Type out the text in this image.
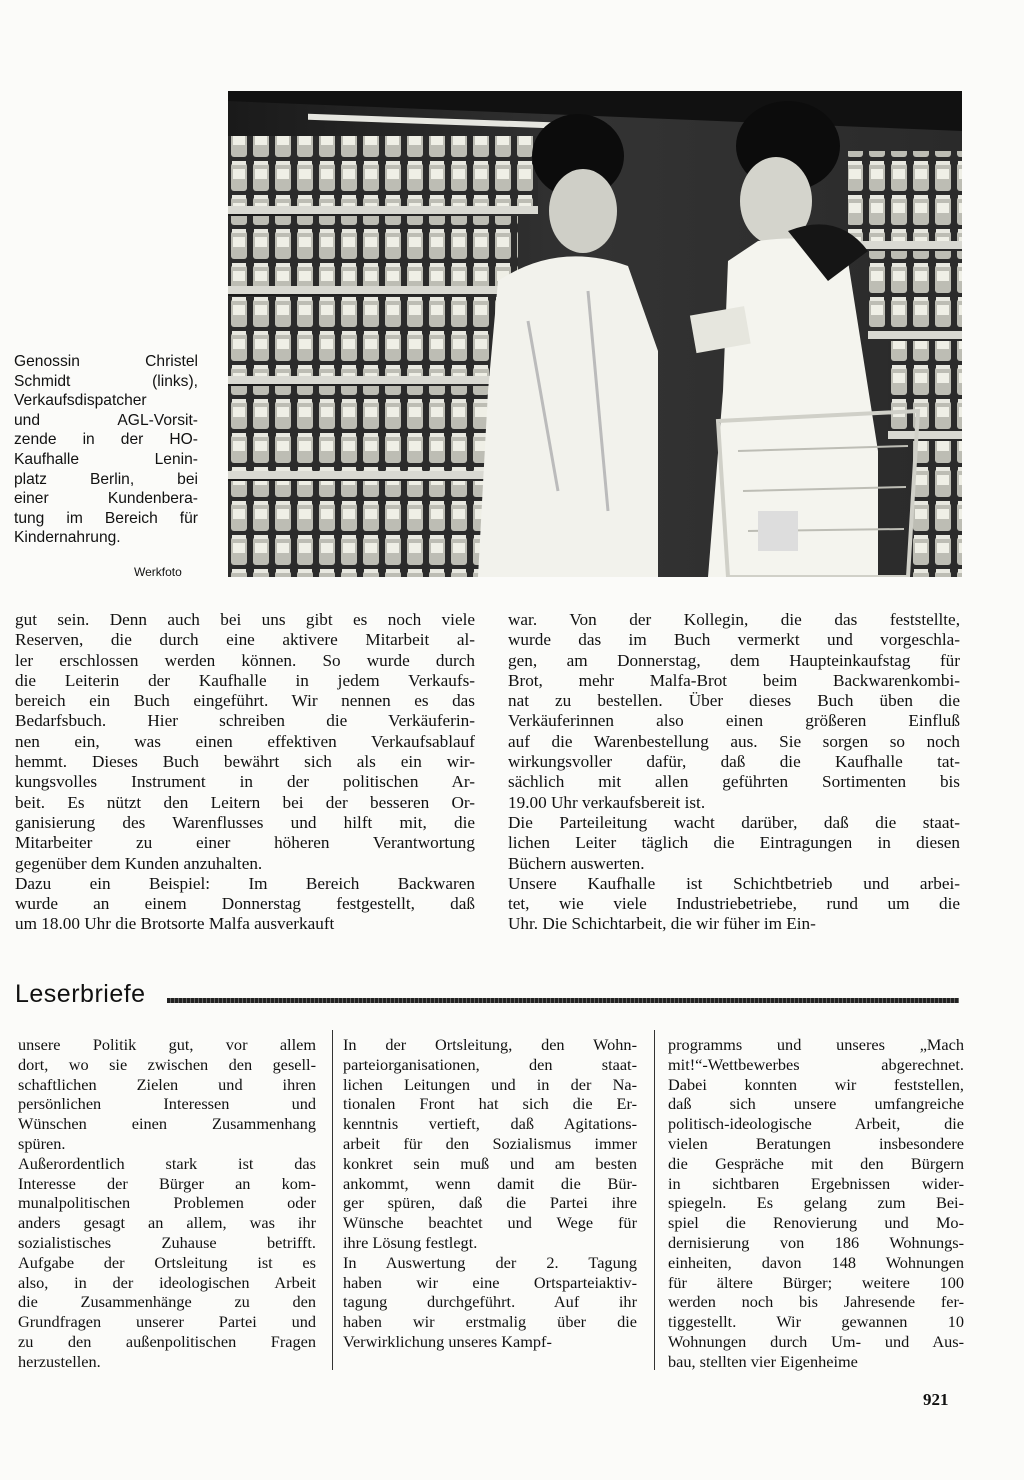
Genossin Christel
Schmidt (links),
Verkaufsdispatcher
und AGL-Vorsit-
zende in der HO-
Kaufhalle Lenin-
platz Berlin, bei
einer Kundenbera-
tung im Bereich für
Kindernahrung.
Werkfoto
gut sein. Denn auch bei uns gibt es noch viele
Reserven, die durch eine aktivere Mitarbeit al-
ler erschlossen werden können. So wurde durch
die Leiterin der Kaufhalle in jedem Verkaufs-
bereich ein Buch eingeführt. Wir nennen es das
Bedarfsbuch. Hier schreiben die Verkäuferin-
nen ein, was einen effektiven Verkaufsablauf
hemmt. Dieses Buch bewährt sich als ein wir-
kungsvolles Instrument in der politischen Ar-
beit. Es nützt den Leitern bei der besseren Or-
ganisierung des Warenflusses und hilft mit, die
Mitarbeiter zu einer höheren Verantwortung
gegenüber dem Kunden anzuhalten.
Dazu ein Beispiel: Im Bereich Backwaren
wurde an einem Donnerstag festgestellt, daß
um 18.00 Uhr die Brotsorte Malfa ausverkauft
war. Von der Kollegin, die das feststellte,
wurde das im Buch vermerkt und vorgeschla-
gen, am Donnerstag, dem Haupteinkaufstag für
Brot, mehr Malfa-Brot beim Backwarenkombi-
nat zu bestellen. Über dieses Buch üben die
Verkäuferinnen also einen größeren Einfluß
auf die Warenbestellung aus. Sie sorgen so noch
wirkungsvoller dafür, daß die Kaufhalle tat-
sächlich mit allen geführten Sortimenten bis
19.00 Uhr verkaufsbereit ist.
Die Parteileitung wacht darüber, daß die staat-
lichen Leiter täglich die Eintragungen in diesen
Büchern auswerten.
Unsere Kaufhalle ist Schichtbetrieb und arbei-
tet, wie viele Industriebetriebe, rund um die
Uhr. Die Schichtarbeit, die wir füher im Ein-
Leserbriefe
unsere Politik gut, vor allem
dort, wo sie zwischen den gesell-
schaftlichen Zielen und ihren
persönlichen Interessen und
Wünschen einen Zusammenhang
spüren.
Außerordentlich stark ist das
Interesse der Bürger an kom-
munalpolitischen Problemen oder
anders gesagt an allem, was ihr
sozialistisches Zuhause betrifft.
Aufgabe der Ortsleitung ist es
also, in der ideologischen Arbeit
die Zusammenhänge zu den
Grundfragen unserer Partei und
zu den außenpolitischen Fragen
herzustellen.
In der Ortsleitung, den Wohn-
parteiorganisationen, den staat-
lichen Leitungen und in der Na-
tionalen Front hat sich die Er-
kenntnis vertieft, daß Agitations-
arbeit für den Sozialismus immer
konkret sein muß und am besten
ankommt, wenn damit die Bür-
ger spüren, daß die Partei ihre
Wünsche beachtet und Wege für
ihre Lösung festlegt.
In Auswertung der 2. Tagung
haben wir eine Ortsparteiaktiv-
tagung durchgeführt. Auf ihr
haben wir erstmalig über die
Verwirklichung unseres Kampf-
programms und unseres „Mach
mit!“-Wettbewerbes abgerechnet.
Dabei konnten wir feststellen,
daß sich unsere umfangreiche
politisch-ideologische Arbeit, die
vielen Beratungen insbesondere
die Gespräche mit den Bürgern
in sichtbaren Ergebnissen wider-
spiegeln. Es gelang zum Bei-
spiel die Renovierung und Mo-
dernisierung von 186 Wohnungs-
einheiten, davon 148 Wohnungen
für ältere Bürger; weitere 100
werden noch bis Jahresende fer-
tiggestellt. Wir gewannen 10
Wohnungen durch Um- und Aus-
bau, stellten vier Eigenheime
921
